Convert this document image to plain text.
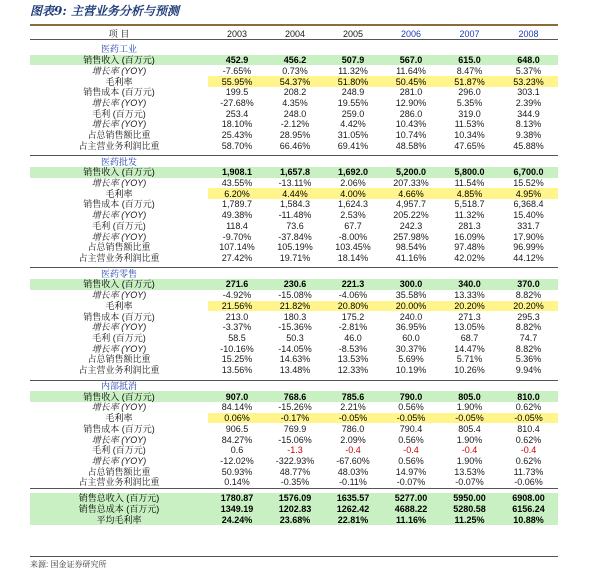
图表9: 主营业务分析与预测
项 目	2003	2004	2005	2006	2007	2008

医药工业						
销售收入 (百万元)	452.9	456.2	507.9	567.0	615.0	648.0
增长率 (YOY)	-7.65%	0.73%	11.32%	11.64%	8.47%	5.37%
毛利率	55.95%	54.37%	51.80%	50.45%	51.87%	53.23%
销售成本 (百万元)	199.5	208.2	248.9	281.0	296.0	303.1
增长率 (YOY)	-27.68%	4.35%	19.55%	12.90%	5.35%	2.39%
毛利 (百万元)	253.4	248.0	259.0	286.0	319.0	344.9
增长率 (YOY)	18.10%	-2.12%	4.42%	10.43%	11.53%	8.13%
占总销售额比重	25.43%	28.95%	31.05%	10.74%	10.34%	9.38%
占主营业务利润比重	58.70%	66.46%	69.41%	48.58%	47.65%	45.88%

医药批发						
销售收入 (百万元)	1,908.1	1,657.8	1,692.0	5,200.0	5,800.0	6,700.0
增长率 (YOY)	43.55%	-13.11%	2.06%	207.33%	11.54%	15.52%
毛利率	6.20%	4.44%	4.00%	4.66%	4.85%	4.95%
销售成本 (百万元)	1,789.7	1,584.3	1,624.3	4,957.7	5,518.7	6,368.4
增长率 (YOY)	49.38%	-11.48%	2.53%	205.22%	11.32%	15.40%
毛利 (百万元)	118.4	73.6	67.7	242.3	281.3	331.7
增长率 (YOY)	-9.70%	-37.84%	-8.00%	257.98%	16.09%	17.90%
占总销售额比重	107.14%	105.19%	103.45%	98.54%	97.48%	96.99%
占主营业务利润比重	27.42%	19.71%	18.14%	41.16%	42.02%	44.12%

医药零售						
销售收入 (百万元)	271.6	230.6	221.3	300.0	340.0	370.0
增长率 (YOY)	-4.92%	-15.08%	-4.06%	35.58%	13.33%	8.82%
毛利率	21.56%	21.82%	20.80%	20.00%	20.20%	20.20%
销售成本 (百万元)	213.0	180.3	175.2	240.0	271.3	295.3
增长率 (YOY)	-3.37%	-15.36%	-2.81%	36.95%	13.05%	8.82%
毛利 (百万元)	58.5	50.3	46.0	60.0	68.7	74.7
增长率 (YOY)	-10.16%	-14.05%	-8.53%	30.37%	14.47%	8.82%
占总销售额比重	15.25%	14.63%	13.53%	5.69%	5.71%	5.36%
占主营业务利润比重	13.56%	13.48%	12.33%	10.19%	10.26%	9.94%

内部抵消						
销售收入 (百万元)	907.0	768.6	785.6	790.0	805.0	810.0
增长率 (YOY)	84.14%	-15.26%	2.21%	0.56%	1.90%	0.62%
毛利率	0.06%	-0.17%	-0.05%	-0.05%	-0.05%	-0.05%
销售成本 (百万元)	906.5	769.9	786.0	790.4	805.4	810.4
增长率 (YOY)	84.27%	-15.06%	2.09%	0.56%	1.90%	0.62%
毛利 (百万元)	0.6	-1.3	-0.4	-0.4	-0.4	-0.4
增长率 (YOY)	-12.02%	-322.93%	-67.60%	0.56%	1.90%	0.62%
占总销售额比重	50.93%	48.77%	48.03%	14.97%	13.53%	11.73%
占主营业务利润比重	0.14%	-0.35%	-0.11%	-0.07%	-0.07%	-0.06%

销售总收入 (百万元)	1780.87	1576.09	1635.57	5277.00	5950.00	6908.00
销售总成本 (百万元)	1349.19	1202.83	1262.42	4688.22	5280.58	6156.24
平均毛利率	24.24%	23.68%	22.81%	11.16%	11.25%	10.88%
来源: 国金证券研究所
